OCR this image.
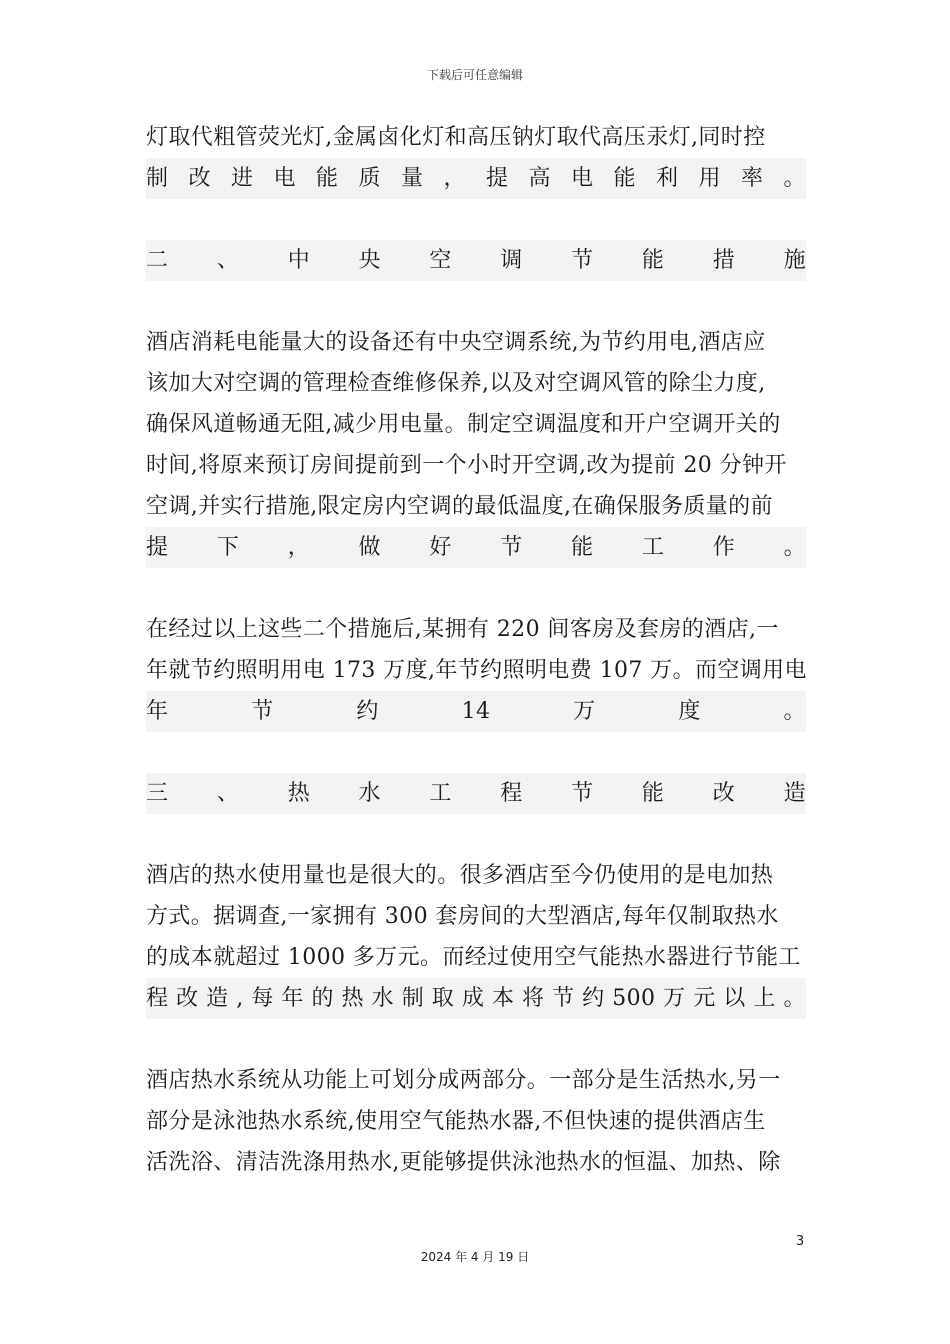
下载后可任意编辑
灯取代粗管荧光灯,金属卤化灯和高压钠灯取代高压汞灯,同时控
制 改 进 电 能 质 量 ， 提 高 电 能 利 用 率 。
二 、 中 央 空 调 节 能 措 施
酒店消耗电能量大的设备还有中央空调系统,为节约用电,酒店应
该加大对空调的管理检查维修保养,以及对空调风管的除尘力度,
确保风道畅通无阻,减少用电量。制定空调温度和开户空调开关的
时间,将原来预订房间提前到一个小时开空调,改为提前 20 分钟开
空调,并实行措施,限定房内空调的最低温度,在确保服务质量的前
提 下 ， 做 好 节 能 工 作 。
在经过以上这些二个措施后,某拥有 220 间客房及套房的酒店,一
年就节约照明用电 173 万度,年节约照明电费 107 万。而空调用电
年	节	约	14	万	度	。
三 、 热 水 工 程 节 能 改 造
酒店的热水使用量也是很大的。很多酒店至今仍使用的是电加热
方式。据调查,一家拥有 300 套房间的大型酒店,每年仅制取热水
的成本就超过 1000 多万元。而经过使用空气能热水器进行节能工
程 改 造 , 每 年 的 热 水 制 取 成 本 将 节 约 500 万 元 以 上 。
酒店热水系统从功能上可划分成两部分。一部分是生活热水,另一
部分是泳池热水系统,使用空气能热水器,不但快速的提供酒店生
活洗浴、清洁洗涤用热水,更能够提供泳池热水的恒温、加热、除
3
2024 年 4 月 19 日
